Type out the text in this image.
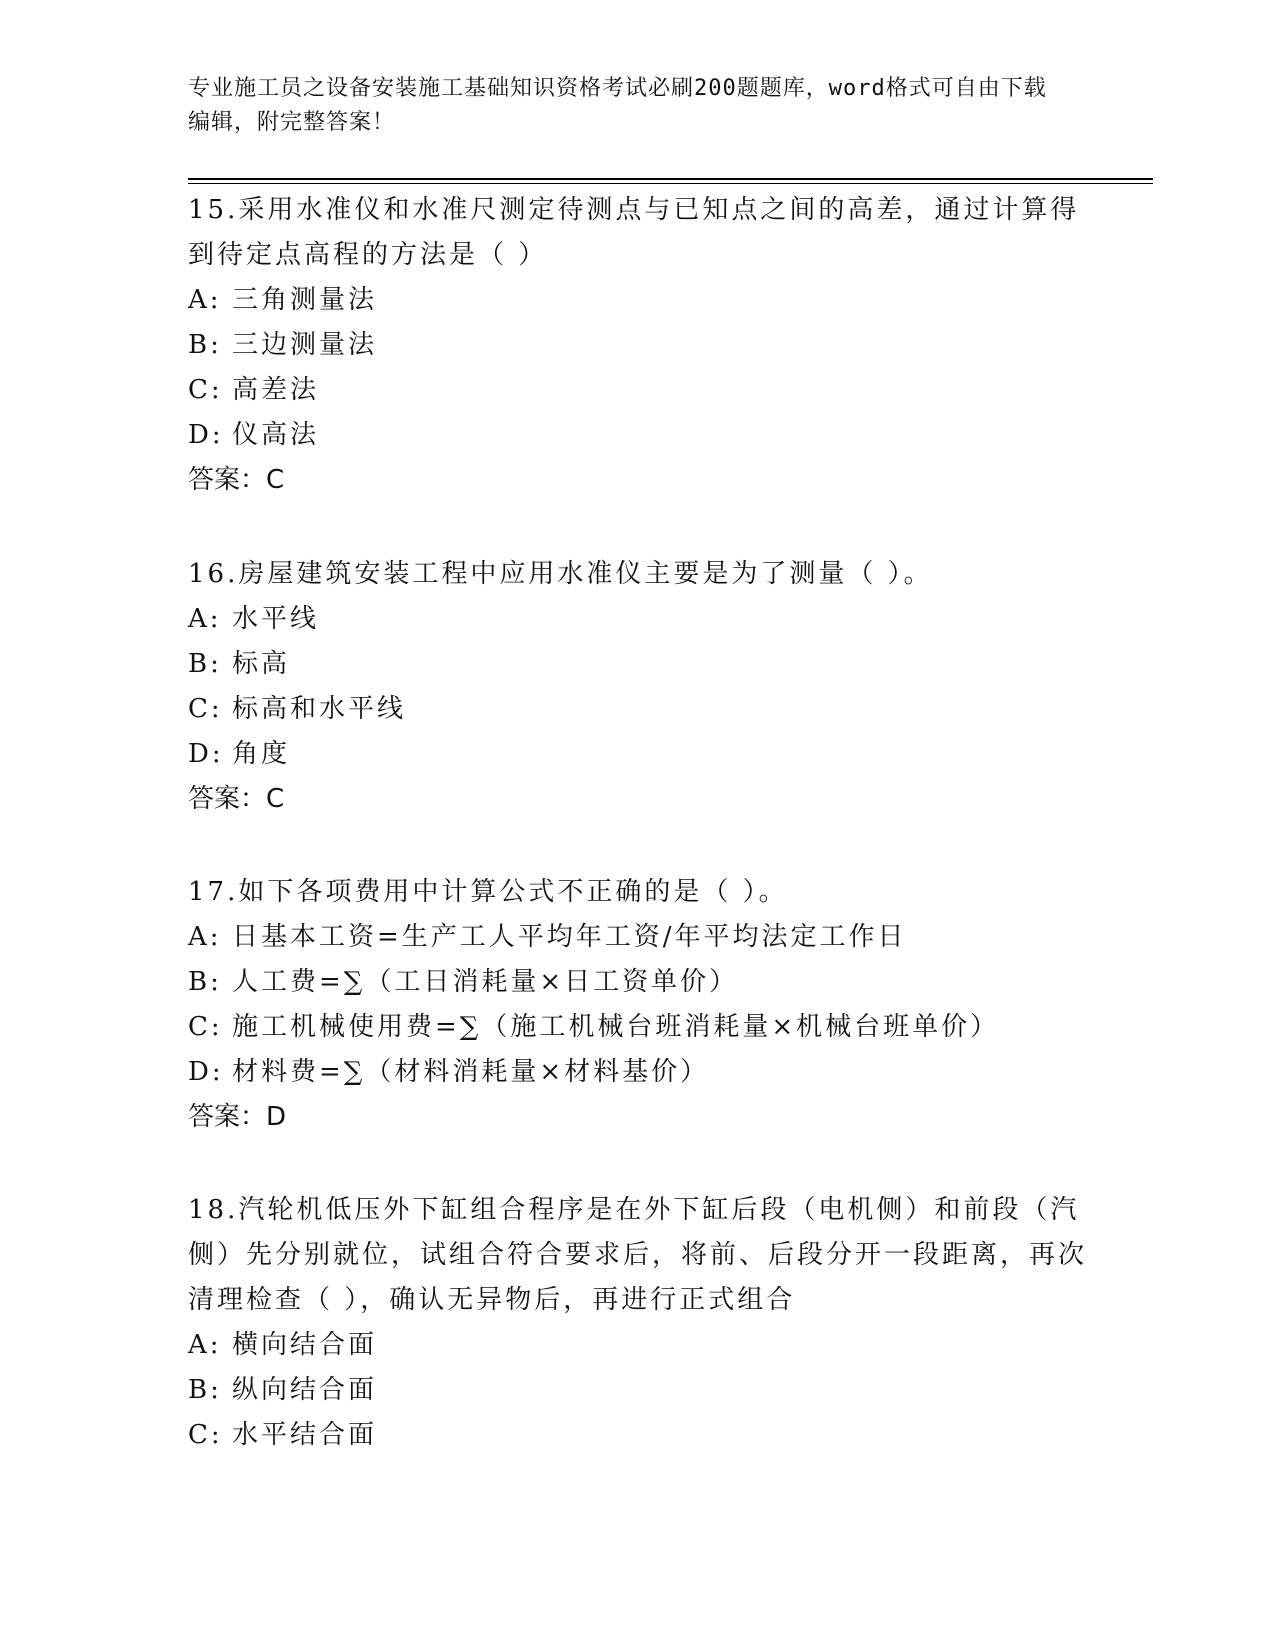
专业施工员之设备安装施工基础知识资格考试必刷200题题库，word格式可自由下载编辑，附完整答案！

15.采用水准仪和水准尺测定待测点与已知点之间的高差，通过计算得到待定点高程的方法是（ ）

A: 三角测量法

B: 三边测量法

C: 高差法

D: 仪高法

答案：C

16.房屋建筑安装工程中应用水准仪主要是为了测量（ ）。

A: 水平线

B: 标高

C: 标高和水平线

D: 角度

答案：C

17.如下各项费用中计算公式不正确的是（ ）。

A: 日基本工资=生产工人平均年工资/年平均法定工作日

B: 人工费=∑（工日消耗量×日工资单价）

C: 施工机械使用费=∑（施工机械台班消耗量×机械台班单价）

D: 材料费=∑（材料消耗量×材料基价）

答案：D

18.汽轮机低压外下缸组合程序是在外下缸后段（电机侧）和前段（汽侧）先分别就位，试组合符合要求后，将前、后段分开一段距离，再次清理检查（ ），确认无异物后，再进行正式组合

A: 横向结合面

B: 纵向结合面

C: 水平结合面
